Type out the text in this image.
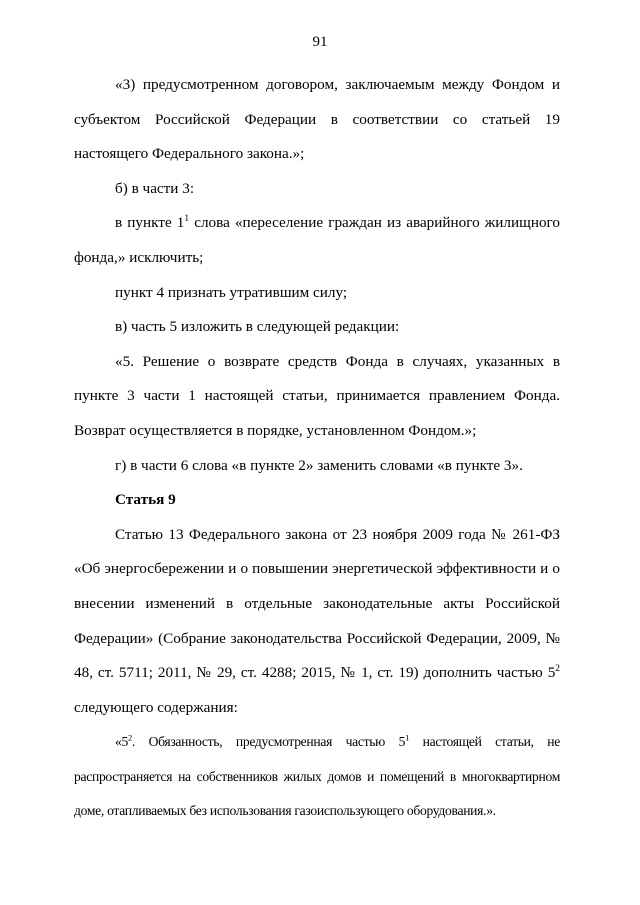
91

«3) предусмотренном договором, заключаемым между Фондом и субъектом Российской Федерации в соответствии со статьей 19 настоящего Федерального закона.»;

б) в части 3:

в пункте $1^1$ слова «переселение граждан из аварийного жилищного фонда,» исключить;

пункт 4 признать утратившим силу;

в) часть 5 изложить в следующей редакции:

«5. Решение о возврате средств Фонда в случаях, указанных в пункте 3 части 1 настоящей статьи, принимается правлением Фонда. Возврат осуществляется в порядке, установленном Фондом.»;

г) в части 6 слова «в пункте 2» заменить словами «в пункте 3».

Статья 9

Статью 13 Федерального закона от 23 ноября 2009 года № 261-ФЗ «Об энергосбережении и о повышении энергетической эффективности и о внесении изменений в отдельные законодательные акты Российской Федерации» (Собрание законодательства Российской Федерации, 2009, № 48, ст. 5711; 2011, № 29, ст. 4288; 2015, № 1, ст. 19) дополнить частью $5^2$ следующего содержания:

«$5^2$. Обязанность, предусмотренная частью $5^1$ настоящей статьи, не распространяется на собственников жилых домов и помещений в многоквартирном доме, отапливаемых без использования газоиспользующего оборудования.».
